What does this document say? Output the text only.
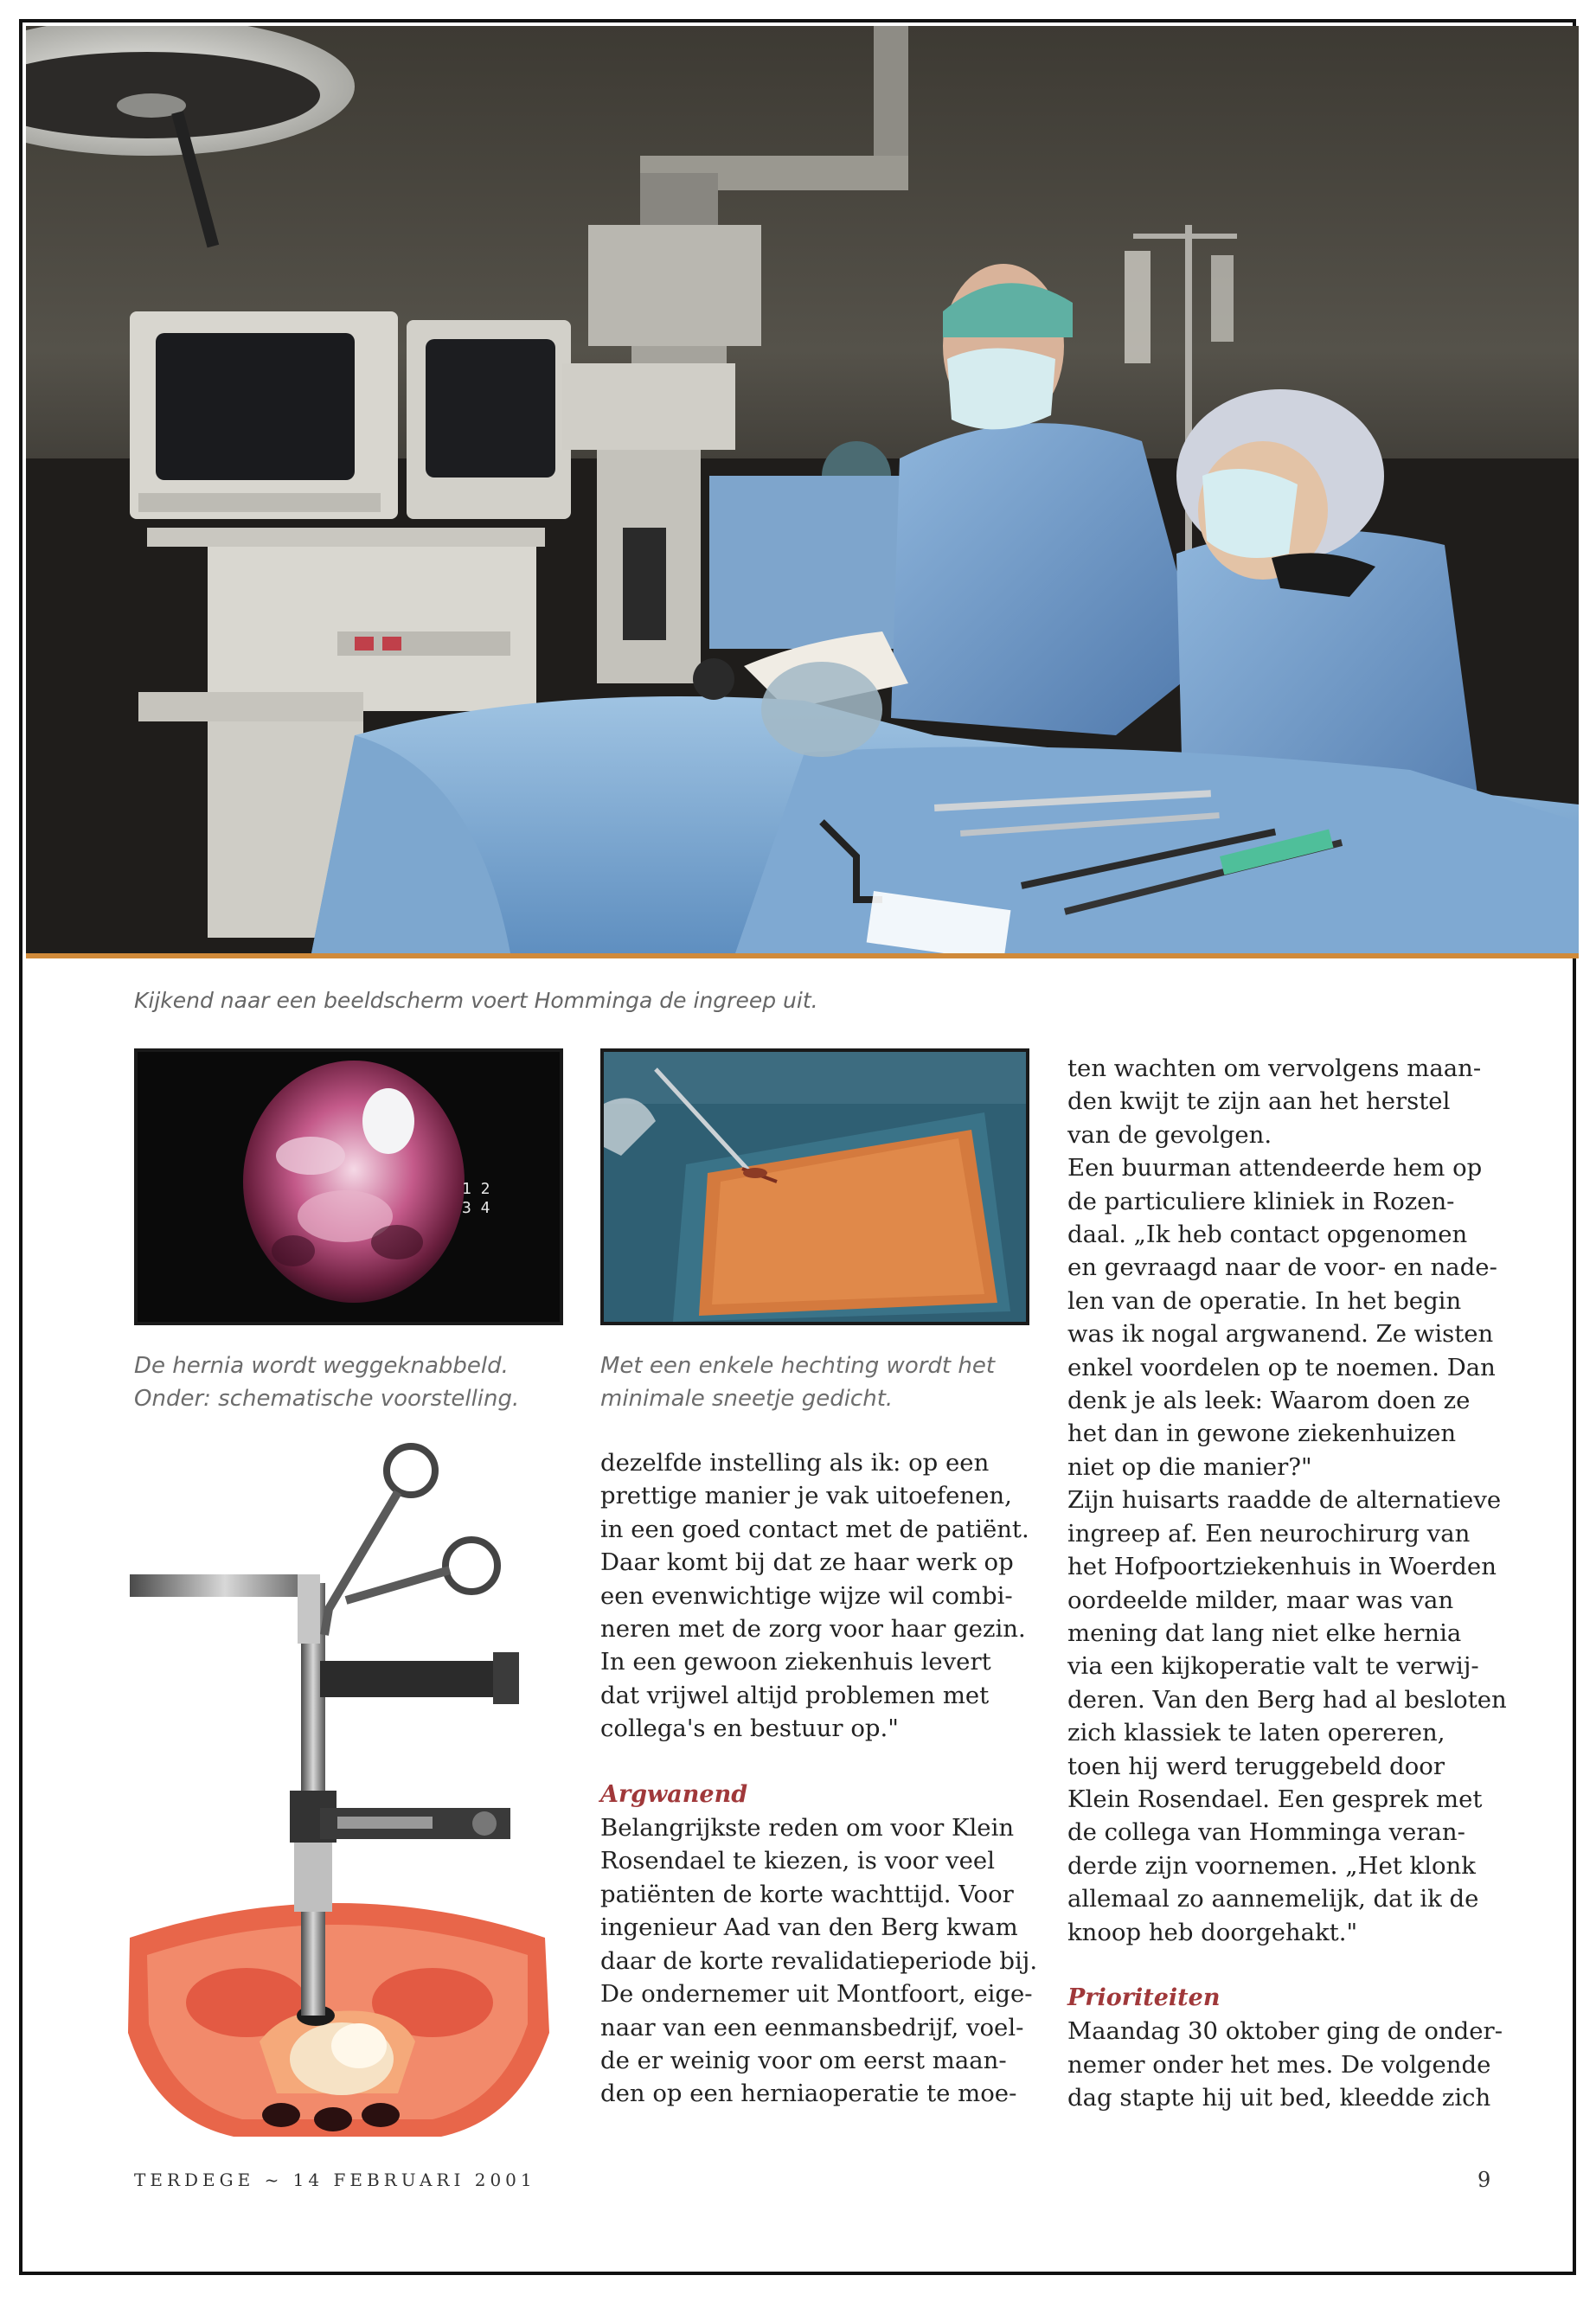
Kijkend naar een beeldscherm voert Homminga de ingreep uit.
1 2
3 4
De hernia wordt weggeknabbeld.
Onder: schematische voorstelling.
Met een enkele hechting wordt het
minimale sneetje gedicht.
dezelfde instelling als ik: op een
prettige manier je vak uitoefenen,
in een goed contact met de patiënt.
Daar komt bij dat ze haar werk op
een evenwichtige wijze wil combi-
neren met de zorg voor haar gezin.
In een gewoon ziekenhuis levert
dat vrijwel altijd problemen met
collega's en bestuur op."
Argwanend
Belangrijkste reden om voor Klein
Rosendael te kiezen, is voor veel
patiënten de korte wachttijd. Voor
ingenieur Aad van den Berg kwam
daar de korte revalidatieperiode bij.
De ondernemer uit Montfoort, eige-
naar van een eenmansbedrijf, voel-
de er weinig voor om eerst maan-
den op een herniaoperatie te moe-
ten wachten om vervolgens maan-
den kwijt te zijn aan het herstel
van de gevolgen.
Een buurman attendeerde hem op
de particuliere kliniek in Rozen-
daal. „Ik heb contact opgenomen
en gevraagd naar de voor- en nade-
len van de operatie. In het begin
was ik nogal argwanend. Ze wisten
enkel voordelen op te noemen. Dan
denk je als leek: Waarom doen ze
het dan in gewone ziekenhuizen
niet op die manier?"
Zijn huisarts raadde de alternatieve
ingreep af. Een neurochirurg van
het Hofpoortziekenhuis in Woerden
oordeelde milder, maar was van
mening dat lang niet elke hernia
via een kijkoperatie valt te verwij-
deren. Van den Berg had al besloten
zich klassiek te laten opereren,
toen hij werd teruggebeld door
Klein Rosendael. Een gesprek met
de collega van Homminga veran-
derde zijn voornemen. „Het klonk
allemaal zo aannemelijk, dat ik de
knoop heb doorgehakt."
Prioriteiten
Maandag 30 oktober ging de onder-
nemer onder het mes. De volgende
dag stapte hij uit bed, kleedde zich
TERDEGE ~ 14 FEBRUARI 2001	9
